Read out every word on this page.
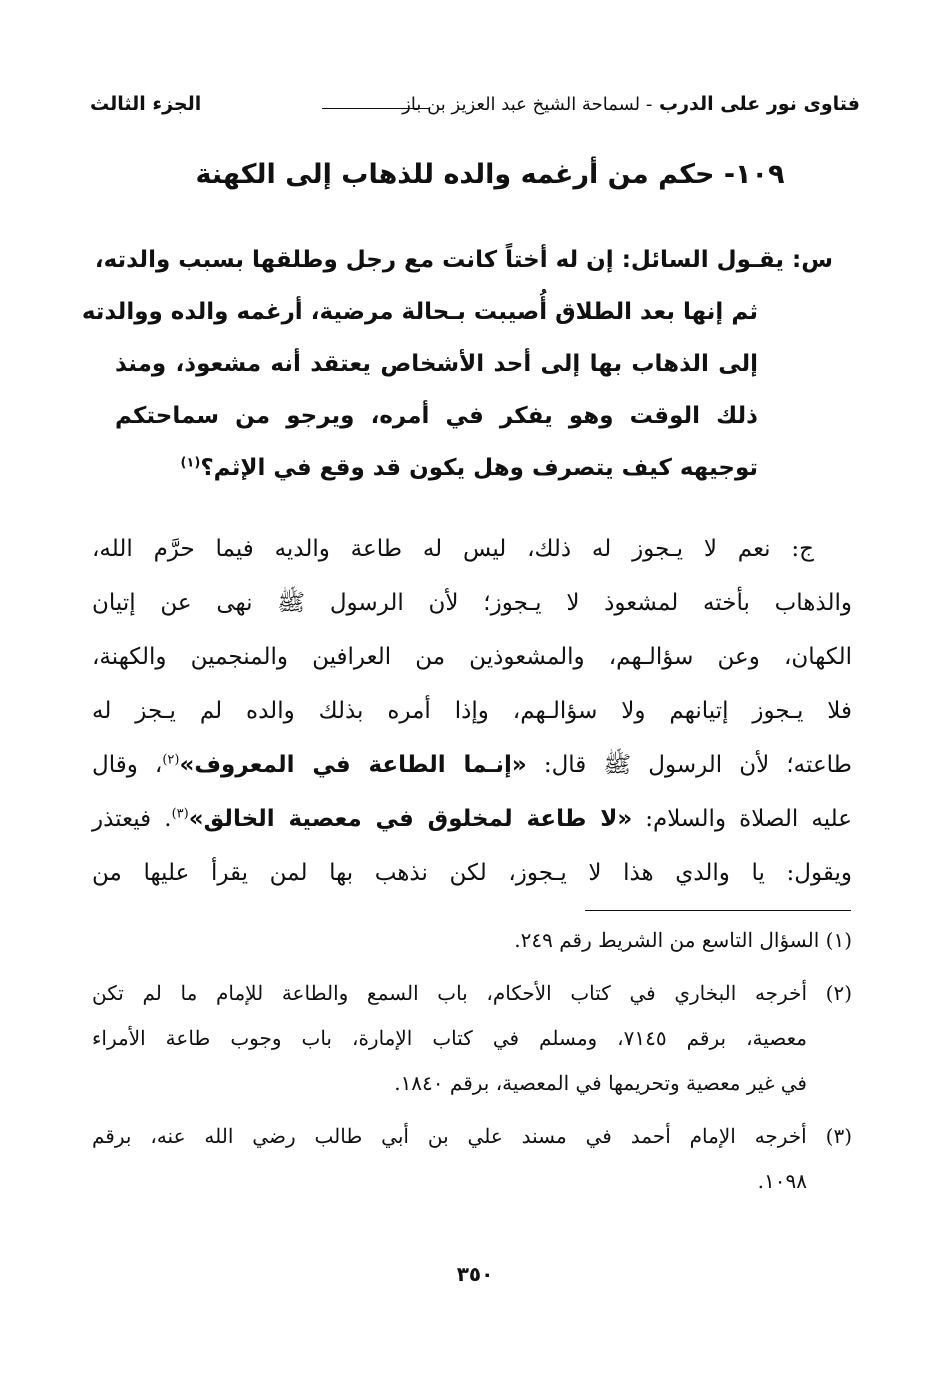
فتاوى نور على الدرب - لسماحة الشيخ عبد العزيز بن باز
الجزء الثالث
١٠٩- حكم من أرغمه والده للذهاب إلى الكهنة
س: يقـول السائل: إن له أختاً كانت مع رجل وطلقها بسبب والدته،
ثم إنها بعد الطلاق أُصيبت بـحالة مرضية، أرغمه والده ووالدته
إلى الذهاب بها إلى أحد الأشخاص يعتقد أنه مشعوذ، ومنذ
ذلك الوقت وهو يفكر في أمره، ويرجو من سماحتكم
توجيهه كيف يتصرف وهل يكون قد وقع في الإثم؟$^{(١)}$
ج: نعم لا يـجوز له ذلك، ليس له طاعة والديه فيما حرَّم الله،
والذهاب بأخته لمشعوذ لا يـجوز؛ لأن الرسول ﷺ نهى عن إتيان
الكهان، وعن سؤالـهم، والمشعوذين من العرافين والمنجمين والكهنة،
فلا يـجوز إتيانهم ولا سؤالـهم، وإذا أمره بذلك والده لم يـجز له
طاعته؛ لأن الرسول ﷺ قال: «إنـما الطاعة في المعروف»$^{(٢)}$، وقال
عليه الصلاة والسلام: «لا طاعة لمخلوق في معصية الخالق»$^{(٣)}$. فيعتذر
ويقول: يا والدي هذا لا يـجوز، لكن نذهب بها لمن يقرأ عليها من
(١) السؤال التاسع من الشريط رقم ٢٤٩.
(٢) أخرجه البخاري في كتاب الأحكام، باب السمع والطاعة للإمام ما لم تكن
معصية، برقم ٧١٤٥، ومسلم في كتاب الإمارة، باب وجوب طاعة الأمراء
في غير معصية وتحريمها في المعصية، برقم ١٨٤٠.
(٣) أخرجه الإمام أحمد في مسند علي بن أبي طالب رضي الله عنه، برقم
١٠٩٨.
٣٥٠
